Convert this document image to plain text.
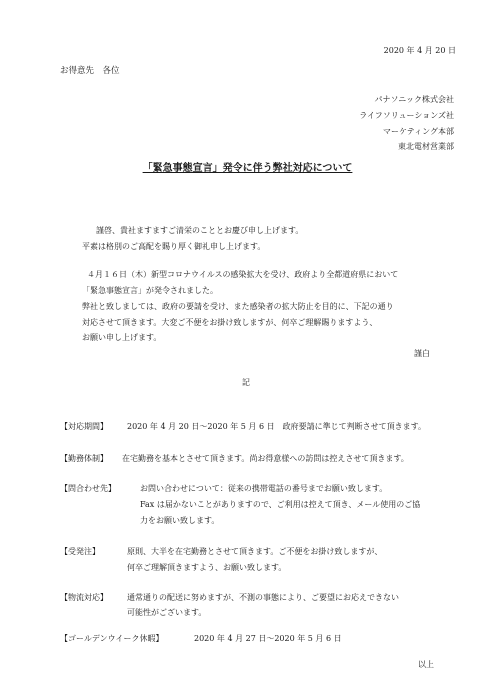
2020 年 4 月 20 日
お得意先　各位
パナソニック株式会社
ライフソリューションズ社
マーケティング本部
東北電材営業部
「緊急事態宣言」発令に伴う弊社対応について
謹啓、貴社ますますご清栄のこととお慶び申し上げます。
平素は格別のご高配を賜り厚く御礼申し上げます。
４月１６日（木）新型コロナウイルスの感染拡大を受け、政府より全都道府県において
「緊急事態宣言」が発令されました。
弊社と致しましては、政府の要請を受け、また感染者の拡大防止を目的に、下記の通り
対応させて頂きます。大変ご不便をお掛け致しますが、何卒ご理解賜りますよう、
お願い申し上げます。
謹白
記
【対応期間】 2020 年 4 月 20 日～2020 年 5 月 6 日　政府要請に準じて判断させて頂きます。
【勤務体制】 在宅勤務を基本とさせて頂きます。尚お得意様への訪問は控えさせて頂きます。
【問合わせ先】	お問い合わせについて：従来の携帯電話の番号までお願い致します。
Fax は届かないことがありますので、ご利用は控えて頂き、メール使用のご協
力をお願い致します。
【受発注】	原則、大半を在宅勤務とさせて頂きます。ご不便をお掛け致しますが、
何卒ご理解頂きますよう、お願い致します。
【物流対応】 通常通りの配送に努めますが、不測の事態により、ご要望にお応えできない
可能性がございます。
【ゴールデンウイーク休暇】	2020 年 4 月 27 日～2020 年 5 月 6 日
以上
